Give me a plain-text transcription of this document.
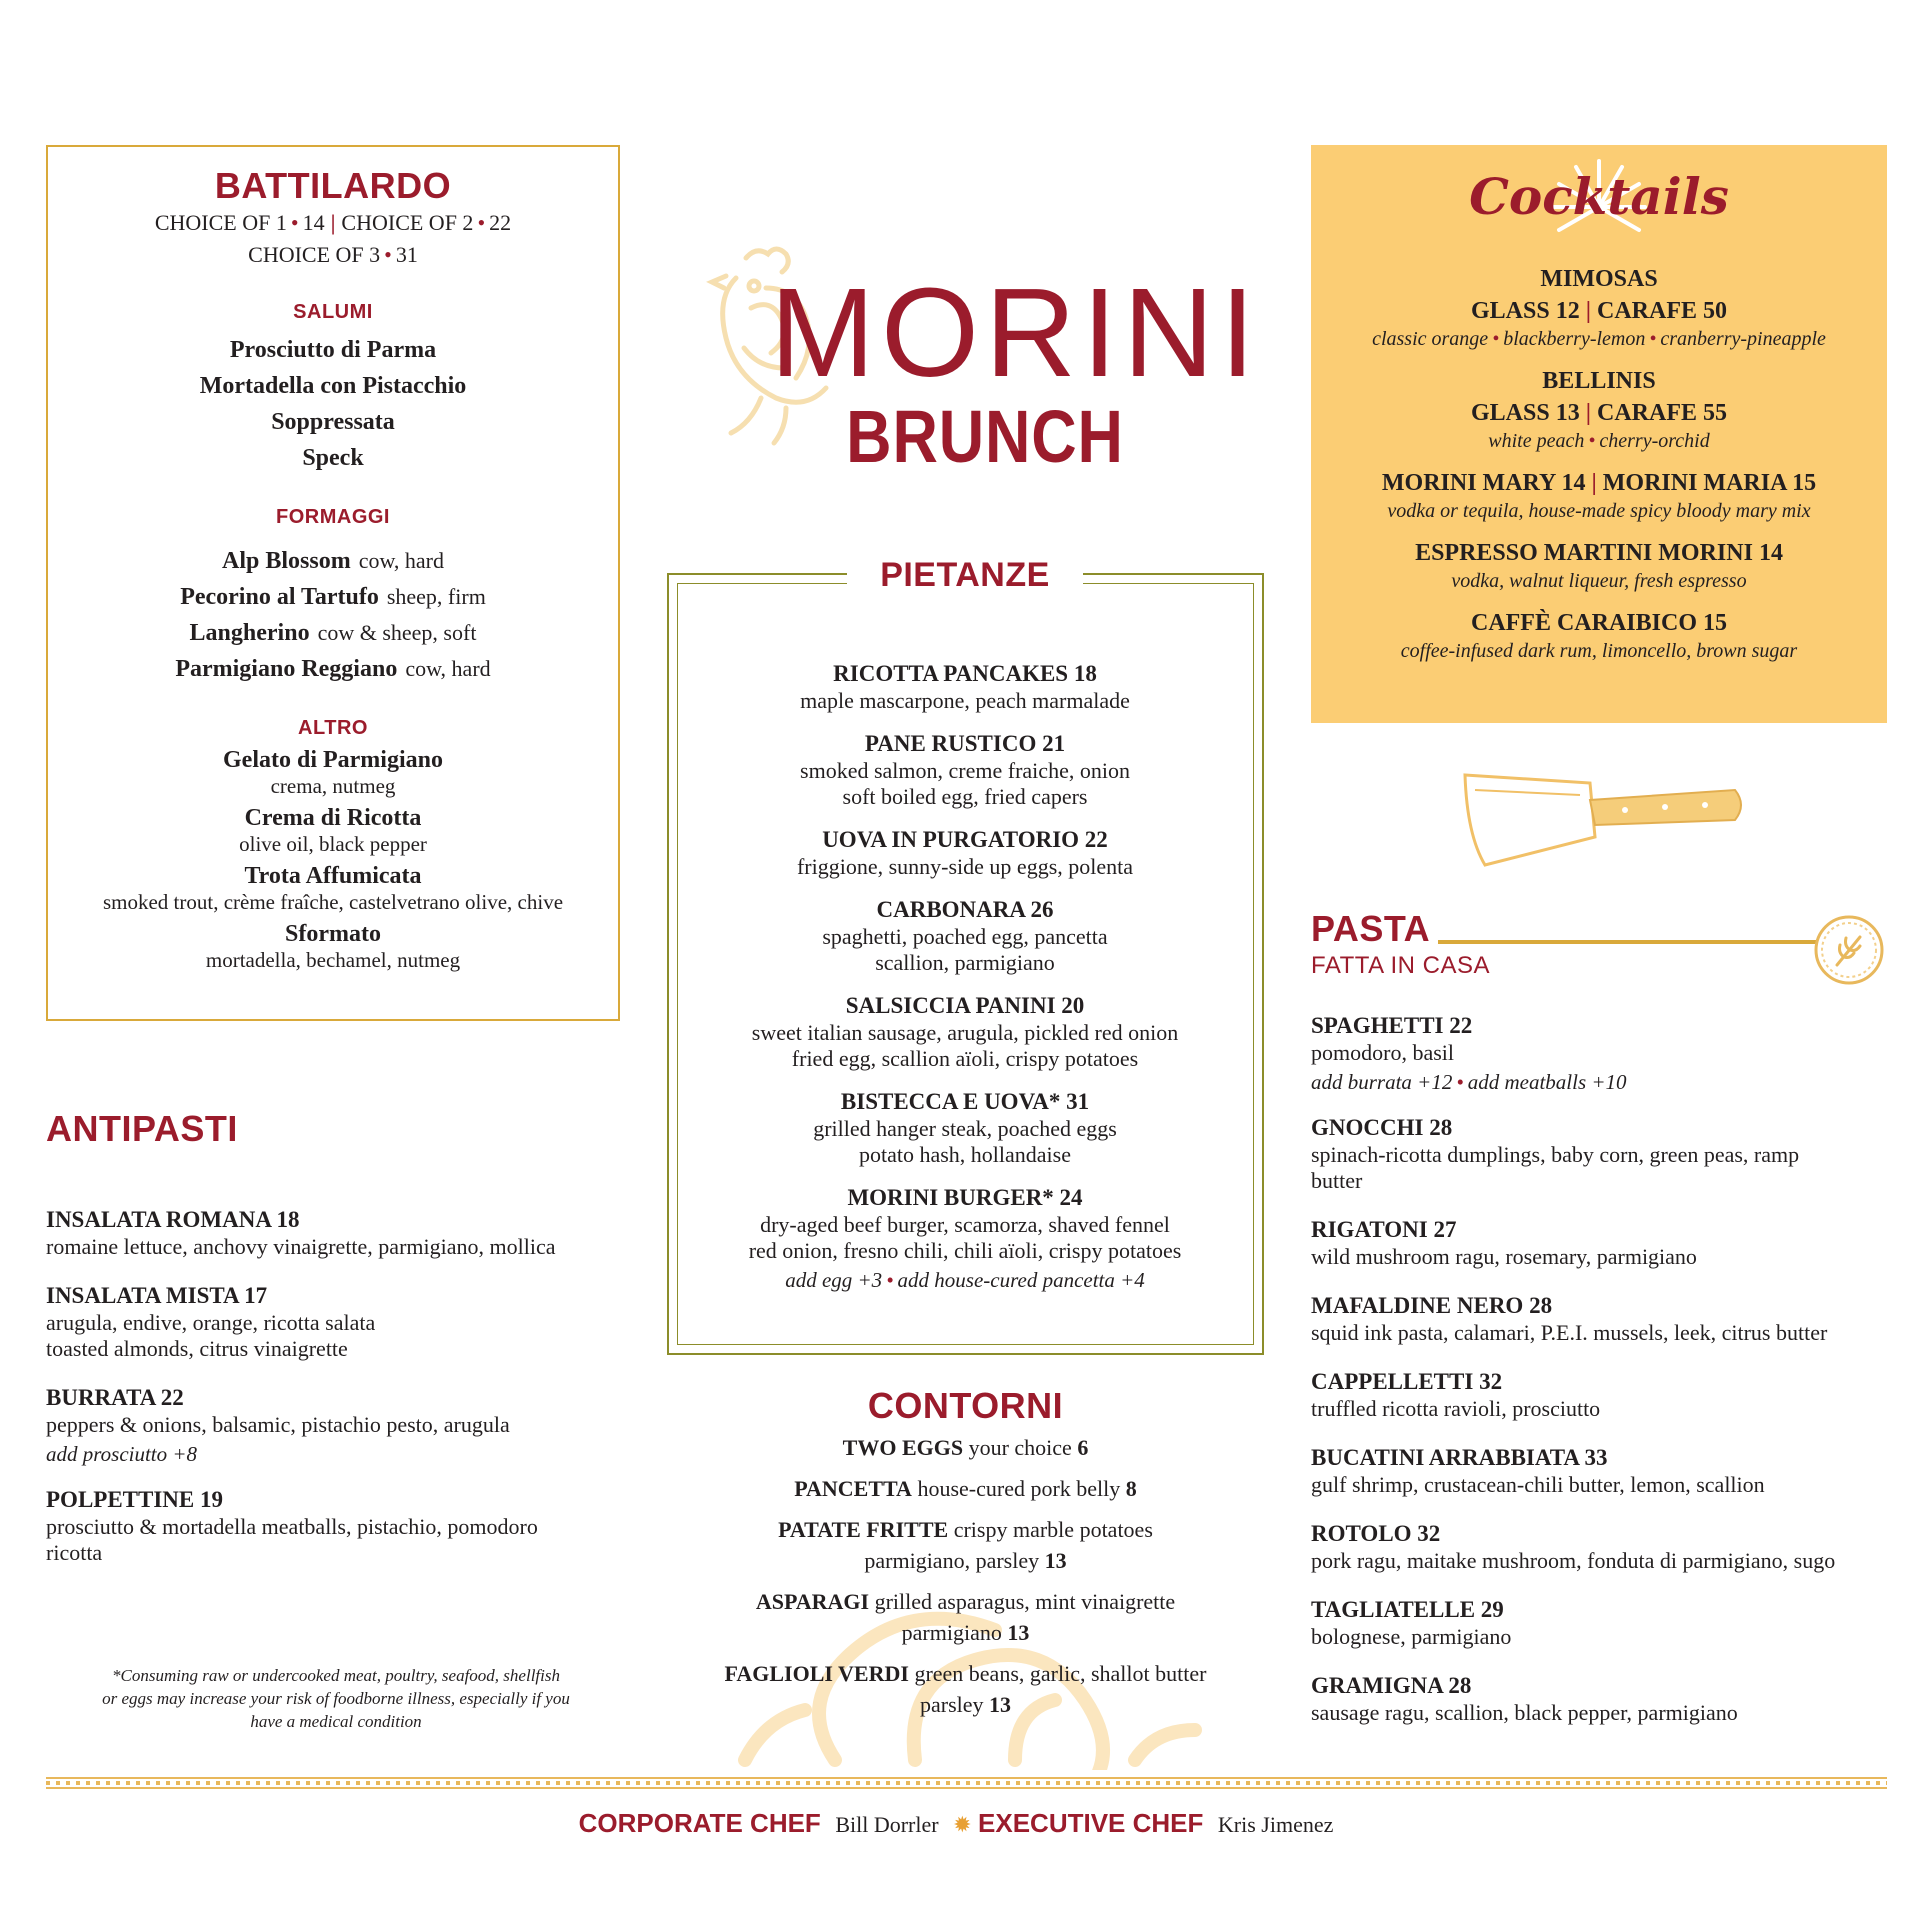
BATTILARDO
CHOICE OF 1 • 14 | CHOICE OF 2 • 22
CHOICE OF 3 • 31
SALUMI
Prosciutto di Parma
Mortadella con Pistacchio
Soppressata
Speck
FORMAGGI
Alp Blossom cow, hard
Pecorino al Tartufo sheep, firm
Langherino cow & sheep, soft
Parmigiano Reggiano cow, hard
ALTRO
Gelato di Parmigiano
crema, nutmeg
Crema di Ricotta
olive oil, black pepper
Trota Affumicata
smoked trout, crème fraîche, castelvetrano olive, chive
Sformato
mortadella, bechamel, nutmeg
MORINI
BRUNCH
PIETANZE
RICOTTA PANCAKES 18
maple mascarpone, peach marmalade
PANE RUSTICO 21
smoked salmon, creme fraiche, onion
soft boiled egg, fried capers
UOVA IN PURGATORIO 22
friggione, sunny-side up eggs, polenta
CARBONARA 26
spaghetti, poached egg, pancetta
scallion, parmigiano
SALSICCIA PANINI 20
sweet italian sausage, arugula, pickled red onion
fried egg, scallion aïoli, crispy potatoes
BISTECCA E UOVA* 31
grilled hanger steak, poached eggs
potato hash, hollandaise
MORINI BURGER* 24
dry-aged beef burger, scamorza, shaved fennel
red onion, fresno chili, chili aïoli, crispy potatoes
add egg +3 • add house-cured pancetta +4
Cocktails
MIMOSAS
GLASS 12 | CARAFE 50
classic orange • blackberry-lemon • cranberry-pineapple
BELLINIS
GLASS 13 | CARAFE 55
white peach • cherry-orchid
MORINI MARY 14 | MORINI MARIA 15
vodka or tequila, house-made spicy bloody mary mix
ESPRESSO MARTINI MORINI 14
vodka, walnut liqueur, fresh espresso
CAFFÈ CARAIBICO 15
coffee-infused dark rum, limoncello, brown sugar
ANTIPASTI
INSALATA ROMANA 18
romaine lettuce, anchovy vinaigrette, parmigiano, mollica
INSALATA MISTA 17
arugula, endive, orange, ricotta salata
toasted almonds, citrus vinaigrette
BURRATA 22
peppers & onions, balsamic, pistachio pesto, arugula
add prosciutto +8
POLPETTINE 19
prosciutto & mortadella meatballs, pistachio, pomodoro
ricotta
*Consuming raw or undercooked meat, poultry, seafood, shellfish
or eggs may increase your risk of foodborne illness, especially if you
have a medical condition
CONTORNI
TWO EGGS your choice 6
PANCETTA house-cured pork belly 8
PATATE FRITTE crispy marble potatoes
parmigiano, parsley 13
ASPARAGI grilled asparagus, mint vinaigrette
parmigiano 13
FAGLIOLI VERDI green beans, garlic, shallot butter
parsley 13
PASTA
FATTA IN CASA
SPAGHETTI 22
pomodoro, basil
add burrata +12 • add meatballs +10
GNOCCHI 28
spinach-ricotta dumplings, baby corn, green peas, ramp
butter
RIGATONI 27
wild mushroom ragu, rosemary, parmigiano
MAFALDINE NERO 28
squid ink pasta, calamari, P.E.I. mussels, leek, citrus butter
CAPPELLETTI 32
truffled ricotta ravioli, prosciutto
BUCATINI ARRABBIATA 33
gulf shrimp, crustacean-chili butter, lemon, scallion
ROTOLO 32
pork ragu, maitake mushroom, fonduta di parmigiano, sugo
TAGLIATELLE 29
bolognese, parmigiano
GRAMIGNA 28
sausage ragu, scallion, black pepper, parmigiano
CORPORATE CHEF Bill Dorrler ✹ EXECUTIVE CHEF Kris Jimenez
